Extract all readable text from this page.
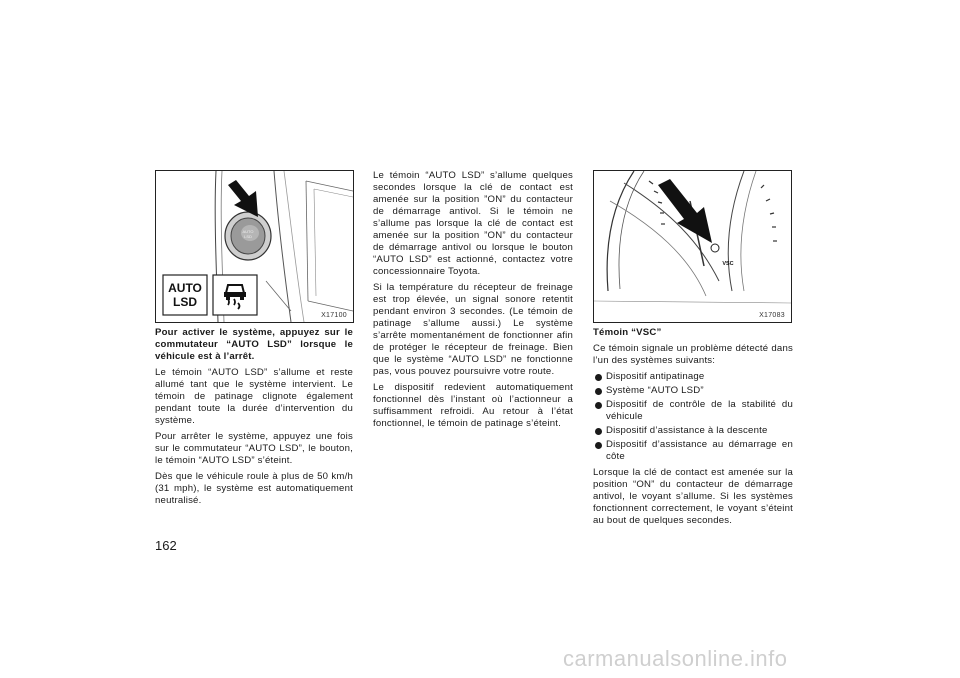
AUTO
LSD
AUTO
LSD
X17100

Pour activer le système, appuyez sur le commutateur “AUTO LSD” lorsque le véhicule est à l’arrêt.

Le témoin “AUTO LSD” s’allume et reste allumé tant que le système intervient. Le témoin de patinage clignote également pendant toute la durée d’intervention du système.

Pour arrêter le système, appuyez une fois sur le commutateur “AUTO LSD”, le bouton, le témoin “AUTO LSD” s’éteint.

Dès que le véhicule roule à plus de 50 km/h (31 mph), le système est automatiquement neutralisé.

Le témoin “AUTO LSD” s’allume quelques secondes lorsque la clé de contact est amenée sur la position ”ON” du contacteur de démarrage antivol. Si le témoin ne s’allume pas lorsque la clé de contact est amenée sur la position ”ON” du contacteur de démarrage antivol ou lorsque le bouton “AUTO LSD” est actionné, contactez votre concessionnaire Toyota.

Si la température du récepteur de freinage est trop élevée, un signal sonore retentit pendant environ 3 secondes. (Le témoin de patinage s’allume aussi.) Le système s’arrête momentanément de fonctionner afin de protéger le récepteur de freinage. Bien que le système “AUTO LSD” ne fonctionne pas, vous pouvez poursuivre votre route.

Le dispositif redevient automatiquement fonctionnel dès l’instant où l’actionneur a suffisamment refroidi. Au retour à l’état fonctionnel, le témoin de patinage s’éteint.

VSC
X17083

Témoin “VSC”

Ce témoin signale un problème détecté dans l’un des systèmes suivants:

Dispositif antipatinage
Système “AUTO LSD”
Dispositif de contrôle de la stabilité du véhicule
Dispositif d’assistance à la descente
Dispositif d’assistance au démarrage en côte

Lorsque la clé de contact est amenée sur la position “ON” du contacteur de démarrage antivol, le voyant s’allume. Si les systèmes fonctionnent correctement, le voyant s’éteint au bout de quelques secondes.

162
carmanualsonline.info
